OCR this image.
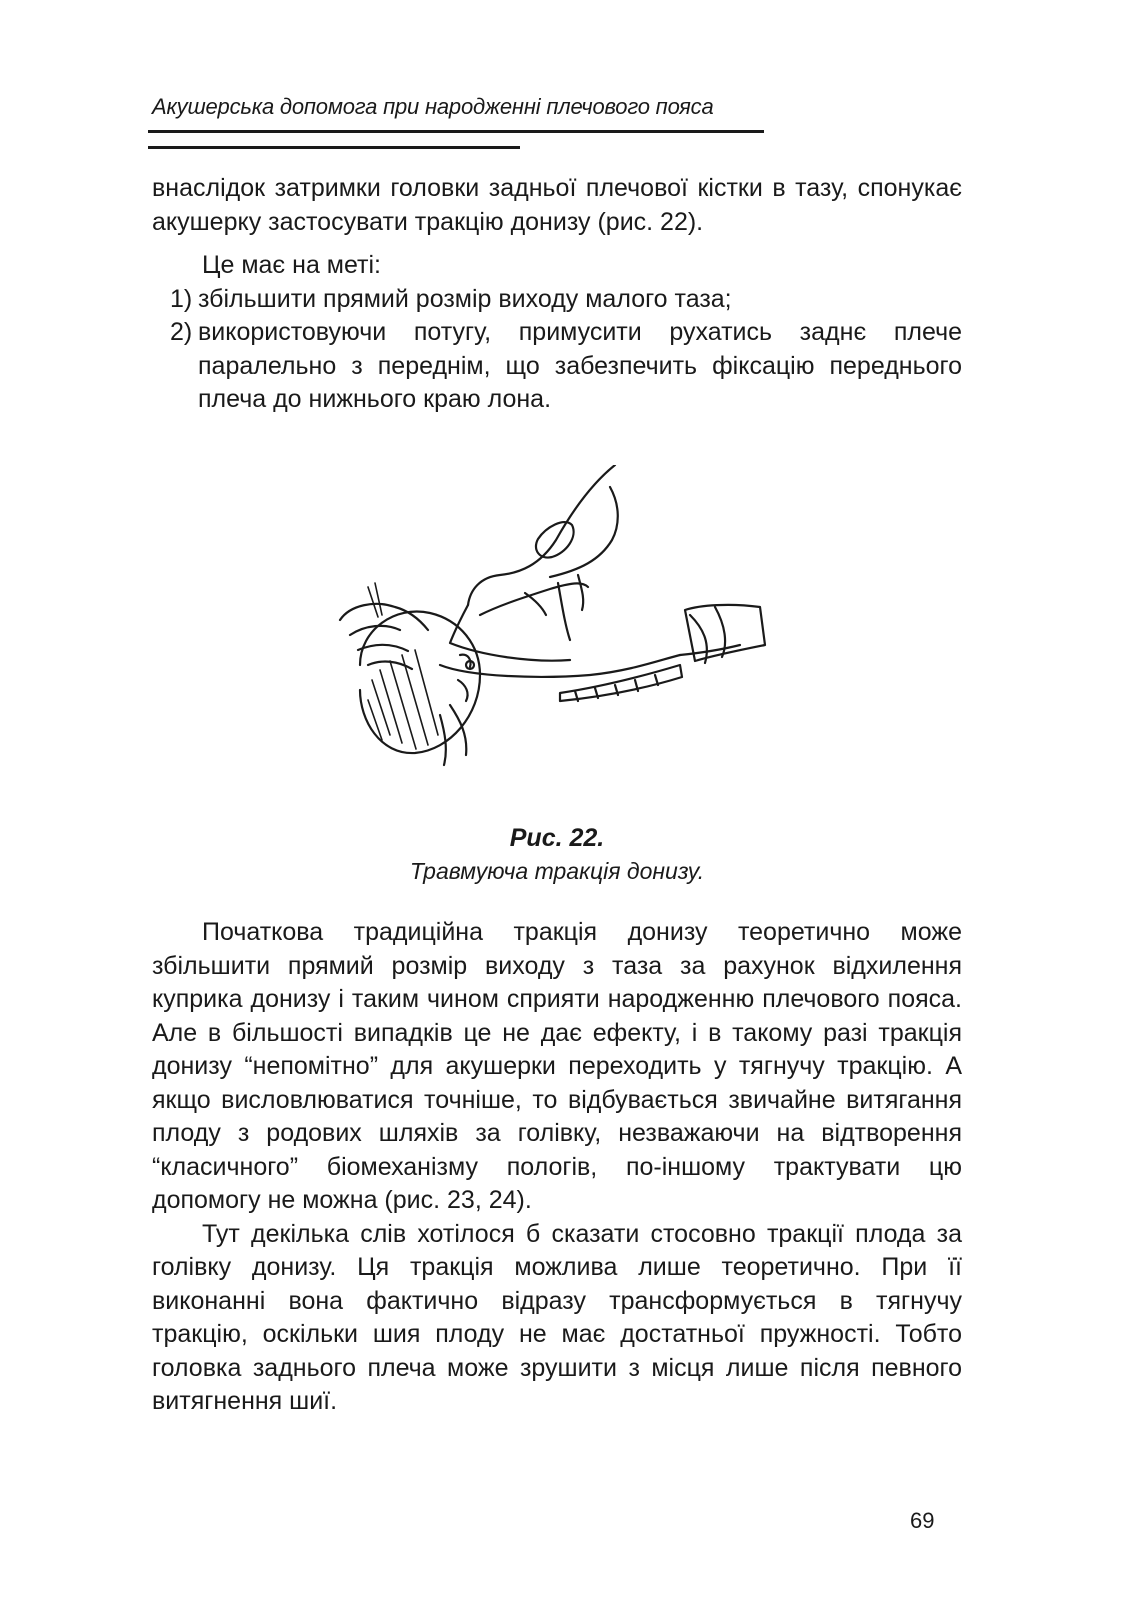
Акушерська допомога при народженні плечового пояса

внаслідок затримки головки задньої плечової кістки в тазу, спонукає акушерку застосувати тракцію донизу (рис. 22).

Це має на меті:

1) збільшити прямий розмір виходу малого таза;
2) використовуючи потугу, примусити рухатись заднє плече паралельно з переднім, що забезпечить фіксацію переднього плеча до нижнього краю лона.
Рис. 22.
Травмуюча тракція донизу.

Початкова традиційна тракція донизу теоретично може збільшити прямий розмір виходу з таза за рахунок відхилення куприка донизу і таким чином сприяти народженню плечового пояса. Але в більшості випадків це не дає ефекту, і в такому разі тракція донизу “непомітно” для акушерки переходить у тягнучу тракцію. А якщо висловлюватися точніше, то відбувається звичайне витягання плоду з родових шляхів за голівку, незважаючи на відтворення “класичного” біомеханізму пологів, по-іншому трактувати цю допомогу не можна (рис. 23, 24).

Тут декілька слів хотілося б сказати стосовно тракції плода за голівку донизу. Ця тракція можлива лише теоретично. При її виконанні вона фактично відразу трансформується в тягнучу тракцію, оскільки шия плоду не має достатньої пружності. Тобто головка заднього плеча може зрушити з місця лише після певного витягнення шиї.

69
